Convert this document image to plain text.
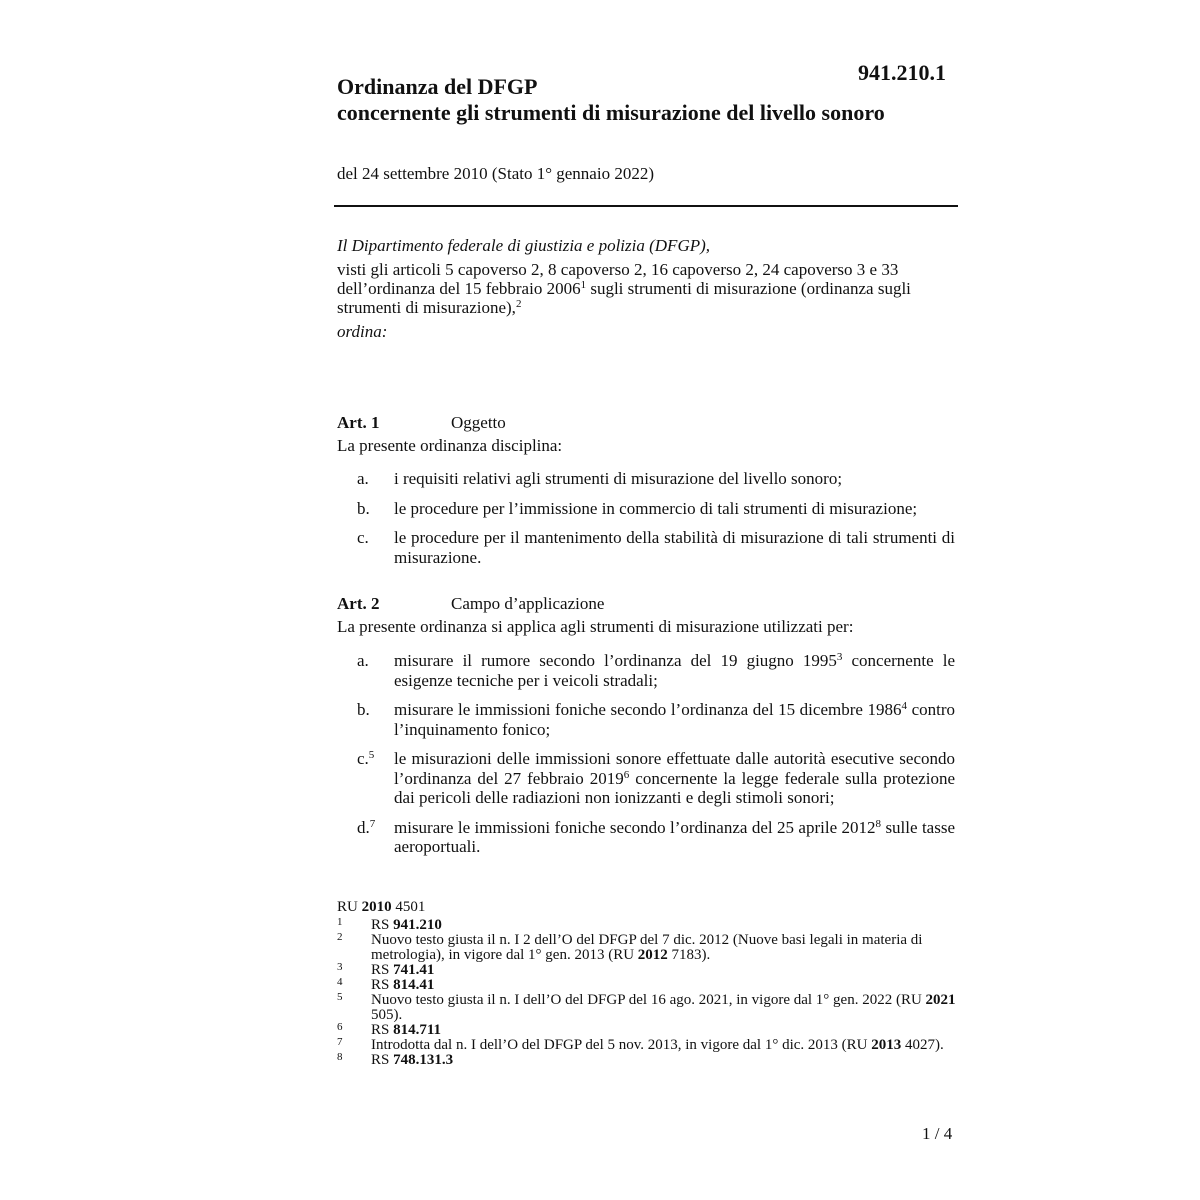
941.210.1
Ordinanza del DFGP
concernente gli strumenti di misurazione del livello sonoro
del 24 settembre 2010 (Stato 1° gennaio 2022)
Il Dipartimento federale di giustizia e polizia (DFGP),
visti gli articoli 5 capoverso 2, 8 capoverso 2, 16 capoverso 2, 24 capoverso 3 e 33 dell’ordinanza del 15 febbraio 2006$^1$ sugli strumenti di misurazione (ordinanza sugli strumenti di misurazione),$^2$
ordina:
Art. 1	Oggetto
La presente ordinanza disciplina:
a.	i requisiti relativi agli strumenti di misurazione del livello sonoro;
b.	le procedure per l’immissione in commercio di tali strumenti di misurazione;
c.	le procedure per il mantenimento della stabilità di misurazione di tali strumenti di misurazione.
Art. 2	Campo d’applicazione
La presente ordinanza si applica agli strumenti di misurazione utilizzati per:
a.	misurare il rumore secondo l’ordinanza del 19 giugno 1995$^3$ concernente le esigenze tecniche per i veicoli stradali;
b.	misurare le immissioni foniche secondo l’ordinanza del 15 dicembre 1986$^4$ contro l’inquinamento fonico;
c.$^5$	le misurazioni delle immissioni sonore effettuate dalle autorità esecutive secondo l’ordinanza del 27 febbraio 2019$^6$ concernente la legge federale sulla protezione dai pericoli delle radiazioni non ionizzanti e degli stimoli sonori;
d.$^7$	misurare le immissioni foniche secondo l’ordinanza del 25 aprile 2012$^8$ sulle tasse aeroportuali.
RU 2010 4501
1	RS 941.210
2	Nuovo testo giusta il n. I 2 dell’O del DFGP del 7 dic. 2012 (Nuove basi legali in materia di metrologia), in vigore dal 1° gen. 2013 (RU 2012 7183).
3	RS 741.41
4	RS 814.41
5	Nuovo testo giusta il n. I dell’O del DFGP del 16 ago. 2021, in vigore dal 1° gen. 2022 (RU 2021 505).
6	RS 814.711
7	Introdotta dal n. I dell’O del DFGP del 5 nov. 2013, in vigore dal 1° dic. 2013 (RU 2013 4027).
8	RS 748.131.3
1 / 4
